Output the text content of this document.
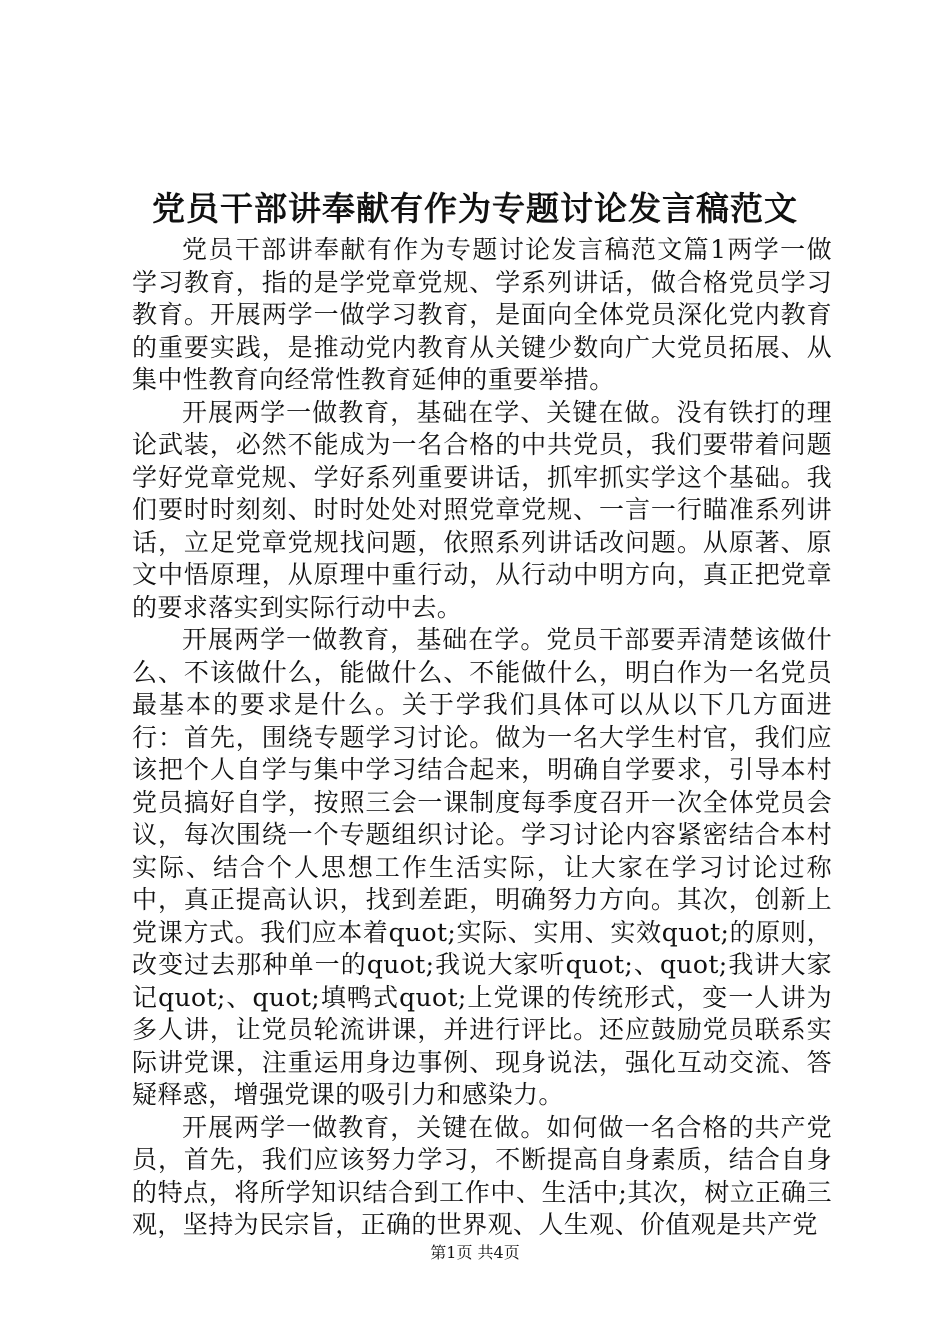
党员干部讲奉献有作为专题讨论发言稿范文

党员干部讲奉献有作为专题讨论发言稿范文篇1两学一做学习教育，指的是学党章党规、学系列讲话，做合格党员学习教育。开展两学一做学习教育，是面向全体党员深化党内教育的重要实践，是推动党内教育从关键少数向广大党员拓展、从集中性教育向经常性教育延伸的重要举措。

开展两学一做教育，基础在学、关键在做。没有铁打的理论武装，必然不能成为一名合格的中共党员，我们要带着问题学好党章党规、学好系列重要讲话，抓牢抓实学这个基础。我们要时时刻刻、时时处处对照党章党规、一言一行瞄准系列讲话，立足党章党规找问题，依照系列讲话改问题。从原著、原文中悟原理，从原理中重行动，从行动中明方向，真正把党章的要求落实到实际行动中去。

开展两学一做教育，基础在学。党员干部要弄清楚该做什么、不该做什么，能做什么、不能做什么，明白作为一名党员最基本的要求是什么。关于学我们具体可以从以下几方面进行：首先，围绕专题学习讨论。做为一名大学生村官，我们应该把个人自学与集中学习结合起来，明确自学要求，引导本村党员搞好自学，按照三会一课制度每季度召开一次全体党员会议，每次围绕一个专题组织讨论。学习讨论内容紧密结合本村实际、结合个人思想工作生活实际，让大家在学习讨论过称中，真正提高认识，找到差距，明确努力方向。其次，创新上党课方式。我们应本着quot;实际、实用、实效quot;的原则，改变过去那种单一的quot;我说大家听quot;、quot;我讲大家记quot;、quot;填鸭式quot;上党课的传统形式，变一人讲为多人讲，让党员轮流讲课，并进行评比。还应鼓励党员联系实际讲党课，注重运用身边事例、现身说法，强化互动交流、答疑释惑，增强党课的吸引力和感染力。

开展两学一做教育，关键在做。如何做一名合格的共产党员，首先，我们应该努力学习，不断提高自身素质，结合自身的特点，将所学知识结合到工作中、生活中;其次，树立正确三观，坚持为民宗旨，正确的世界观、人生观、价值观是共产党

第1页 共4页
